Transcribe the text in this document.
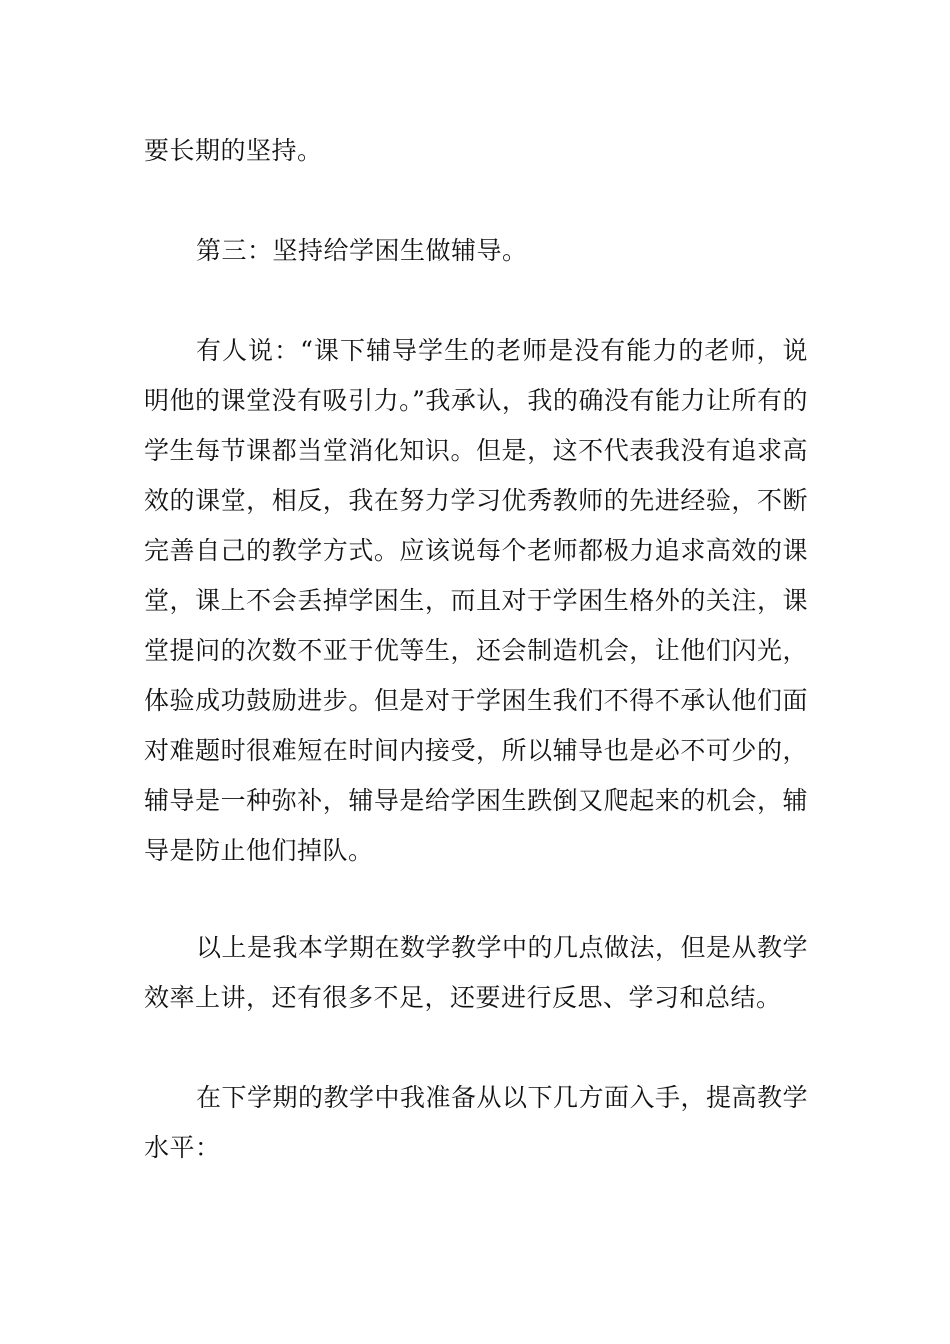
要长期的坚持。

第三：坚持给学困生做辅导。

有人说：“课下辅导学生的老师是没有能力的老师，说明他的课堂没有吸引力。”我承认，我的确没有能力让所有的学生每节课都当堂消化知识。但是，这不代表我没有追求高效的课堂，相反，我在努力学习优秀教师的先进经验，不断完善自己的教学方式。应该说每个老师都极力追求高效的课堂，课上不会丢掉学困生，而且对于学困生格外的关注，课堂提问的次数不亚于优等生，还会制造机会，让他们闪光，体验成功鼓励进步。但是对于学困生我们不得不承认他们面对难题时很难短在时间内接受，所以辅导也是必不可少的，辅导是一种弥补，辅导是给学困生跌倒又爬起来的机会，辅导是防止他们掉队。

以上是我本学期在数学教学中的几点做法，但是从教学效率上讲，还有很多不足，还要进行反思、学习和总结。

在下学期的教学中我准备从以下几方面入手，提高教学水平：
